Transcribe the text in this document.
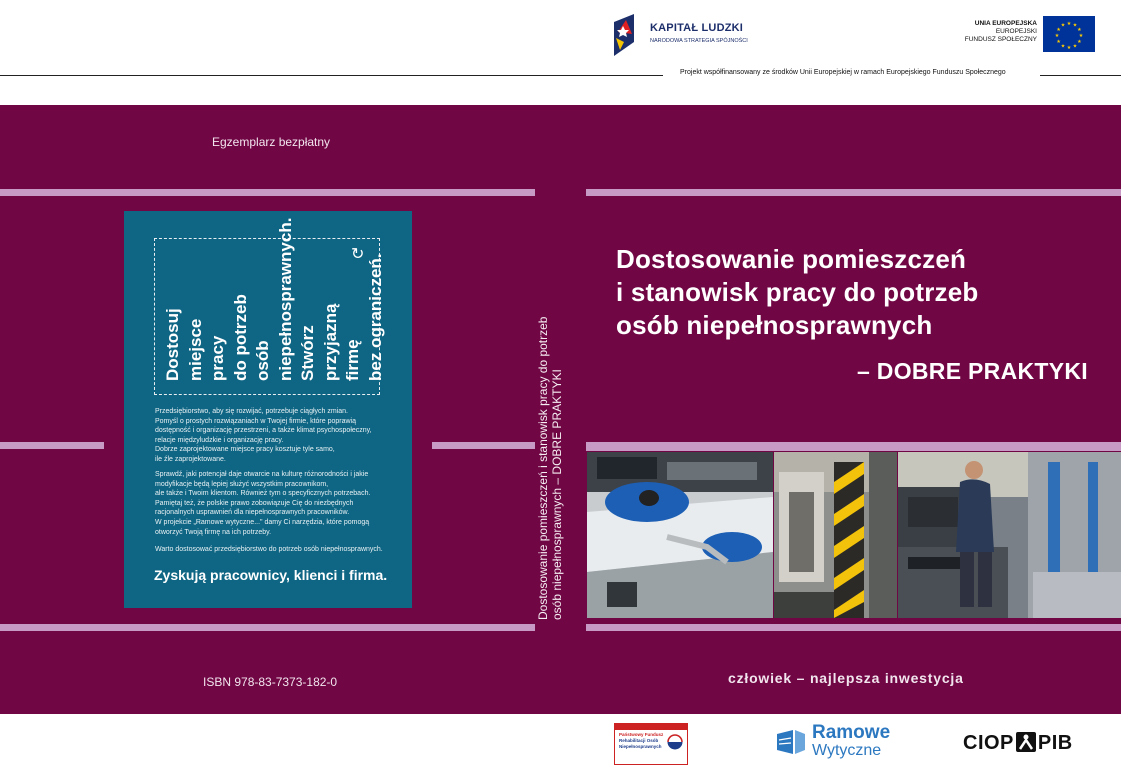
KAPITAŁ LUDZKI
NARODOWA STRATEGIA SPÓJNOŚCI
UNIA EUROPEJSKA
EUROPEJSKI
FUNDUSZ SPOŁECZNY
★ ★
★
★
★
★
★
★
★
★
★
★
Projekt współfinansowany ze środków Unii Europejskiej w ramach Europejskiego Funduszu Społecznego
Egzemplarz bezpłatny
Dostosuj miejsce pracy do potrzeb osób niepełnosprawnych. Stwórz przyjazną firmę bez ograniczeń.
↻
Przedsiębiorstwo, aby się rozwijać, potrzebuje ciągłych zmian.
Pomyśl o prostych rozwiązaniach w Twojej firmie, które poprawią
dostępność i organizację przestrzeni, a także klimat psychospołeczny,
relacje międzyludzkie i organizację pracy.
Dobrze zaprojektowane miejsce pracy kosztuje tyle samo,
ile źle zaprojektowane.
Sprawdź, jaki potencjał daje otwarcie na kulturę różnorodności i jakie
modyfikacje będą lepiej służyć wszystkim pracownikom,
ale także i Twoim klientom. Również tym o specyficznych potrzebach.
Pamiętaj też, że polskie prawo zobowiązuje Cię do niezbędnych
racjonalnych usprawnień dla niepełnosprawnych pracowników.
W projekcie „Ramowe wytyczne..." damy Ci narzędzia, które pomogą
otworzyć Twoją firmę na ich potrzeby.
Warto dostosować przedsiębiorstwo do potrzeb osób niepełnosprawnych.
Zyskują pracownicy, klienci i firma.
ISBN 978-83-7373-182-0
Dostosowanie pomieszczeń i stanowisk pracy do potrzeb osób niepełnosprawnych – DOBRE PRAKTYKI
Dostosowanie pomieszczeń
i stanowisk pracy do potrzeb
osób niepełnosprawnych
– DOBRE PRAKTYKI
człowiek – najlepsza inwestycja
Państwowy Fundusz
Rehabilitacji Osób
Niepełnosprawnych
Ramowe
Wytyczne	CIOP PIB
